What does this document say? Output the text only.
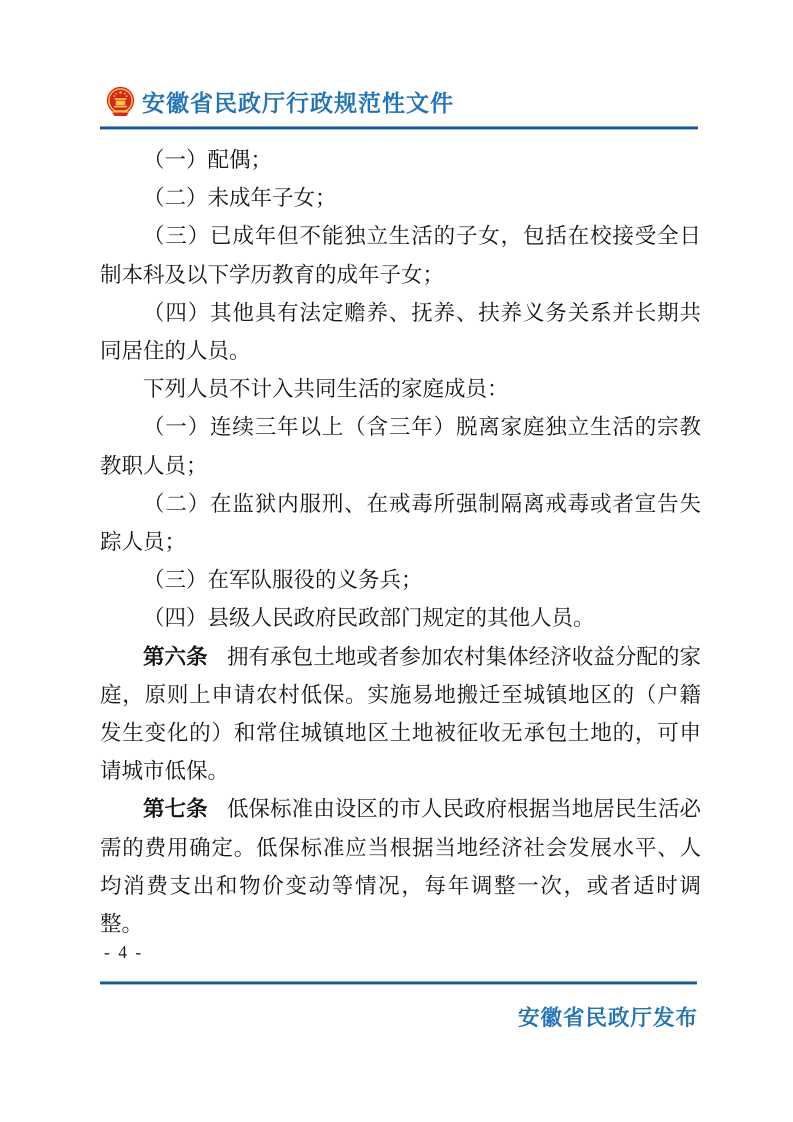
安徽省民政厅行政规范性文件

（一）配偶；

（二）未成年子女；

（三）已成年但不能独立生活的子女，包括在校接受全日制本科及以下学历教育的成年子女；

（四）其他具有法定赡养、抚养、扶养义务关系并长期共同居住的人员。

下列人员不计入共同生活的家庭成员：

（一）连续三年以上（含三年）脱离家庭独立生活的宗教教职人员；

（二）在监狱内服刑、在戒毒所强制隔离戒毒或者宣告失踪人员；

（三）在军队服役的义务兵；

（四）县级人民政府民政部门规定的其他人员。

第六条 拥有承包土地或者参加农村集体经济收益分配的家庭，原则上申请农村低保。实施易地搬迁至城镇地区的（户籍发生变化的）和常住城镇地区土地被征收无承包土地的，可申请城市低保。

第七条 低保标准由设区的市人民政府根据当地居民生活必需的费用确定。低保标准应当根据当地经济社会发展水平、人均消费支出和物价变动等情况，每年调整一次，或者适时调整。

- 4 -
安徽省民政厅发布
